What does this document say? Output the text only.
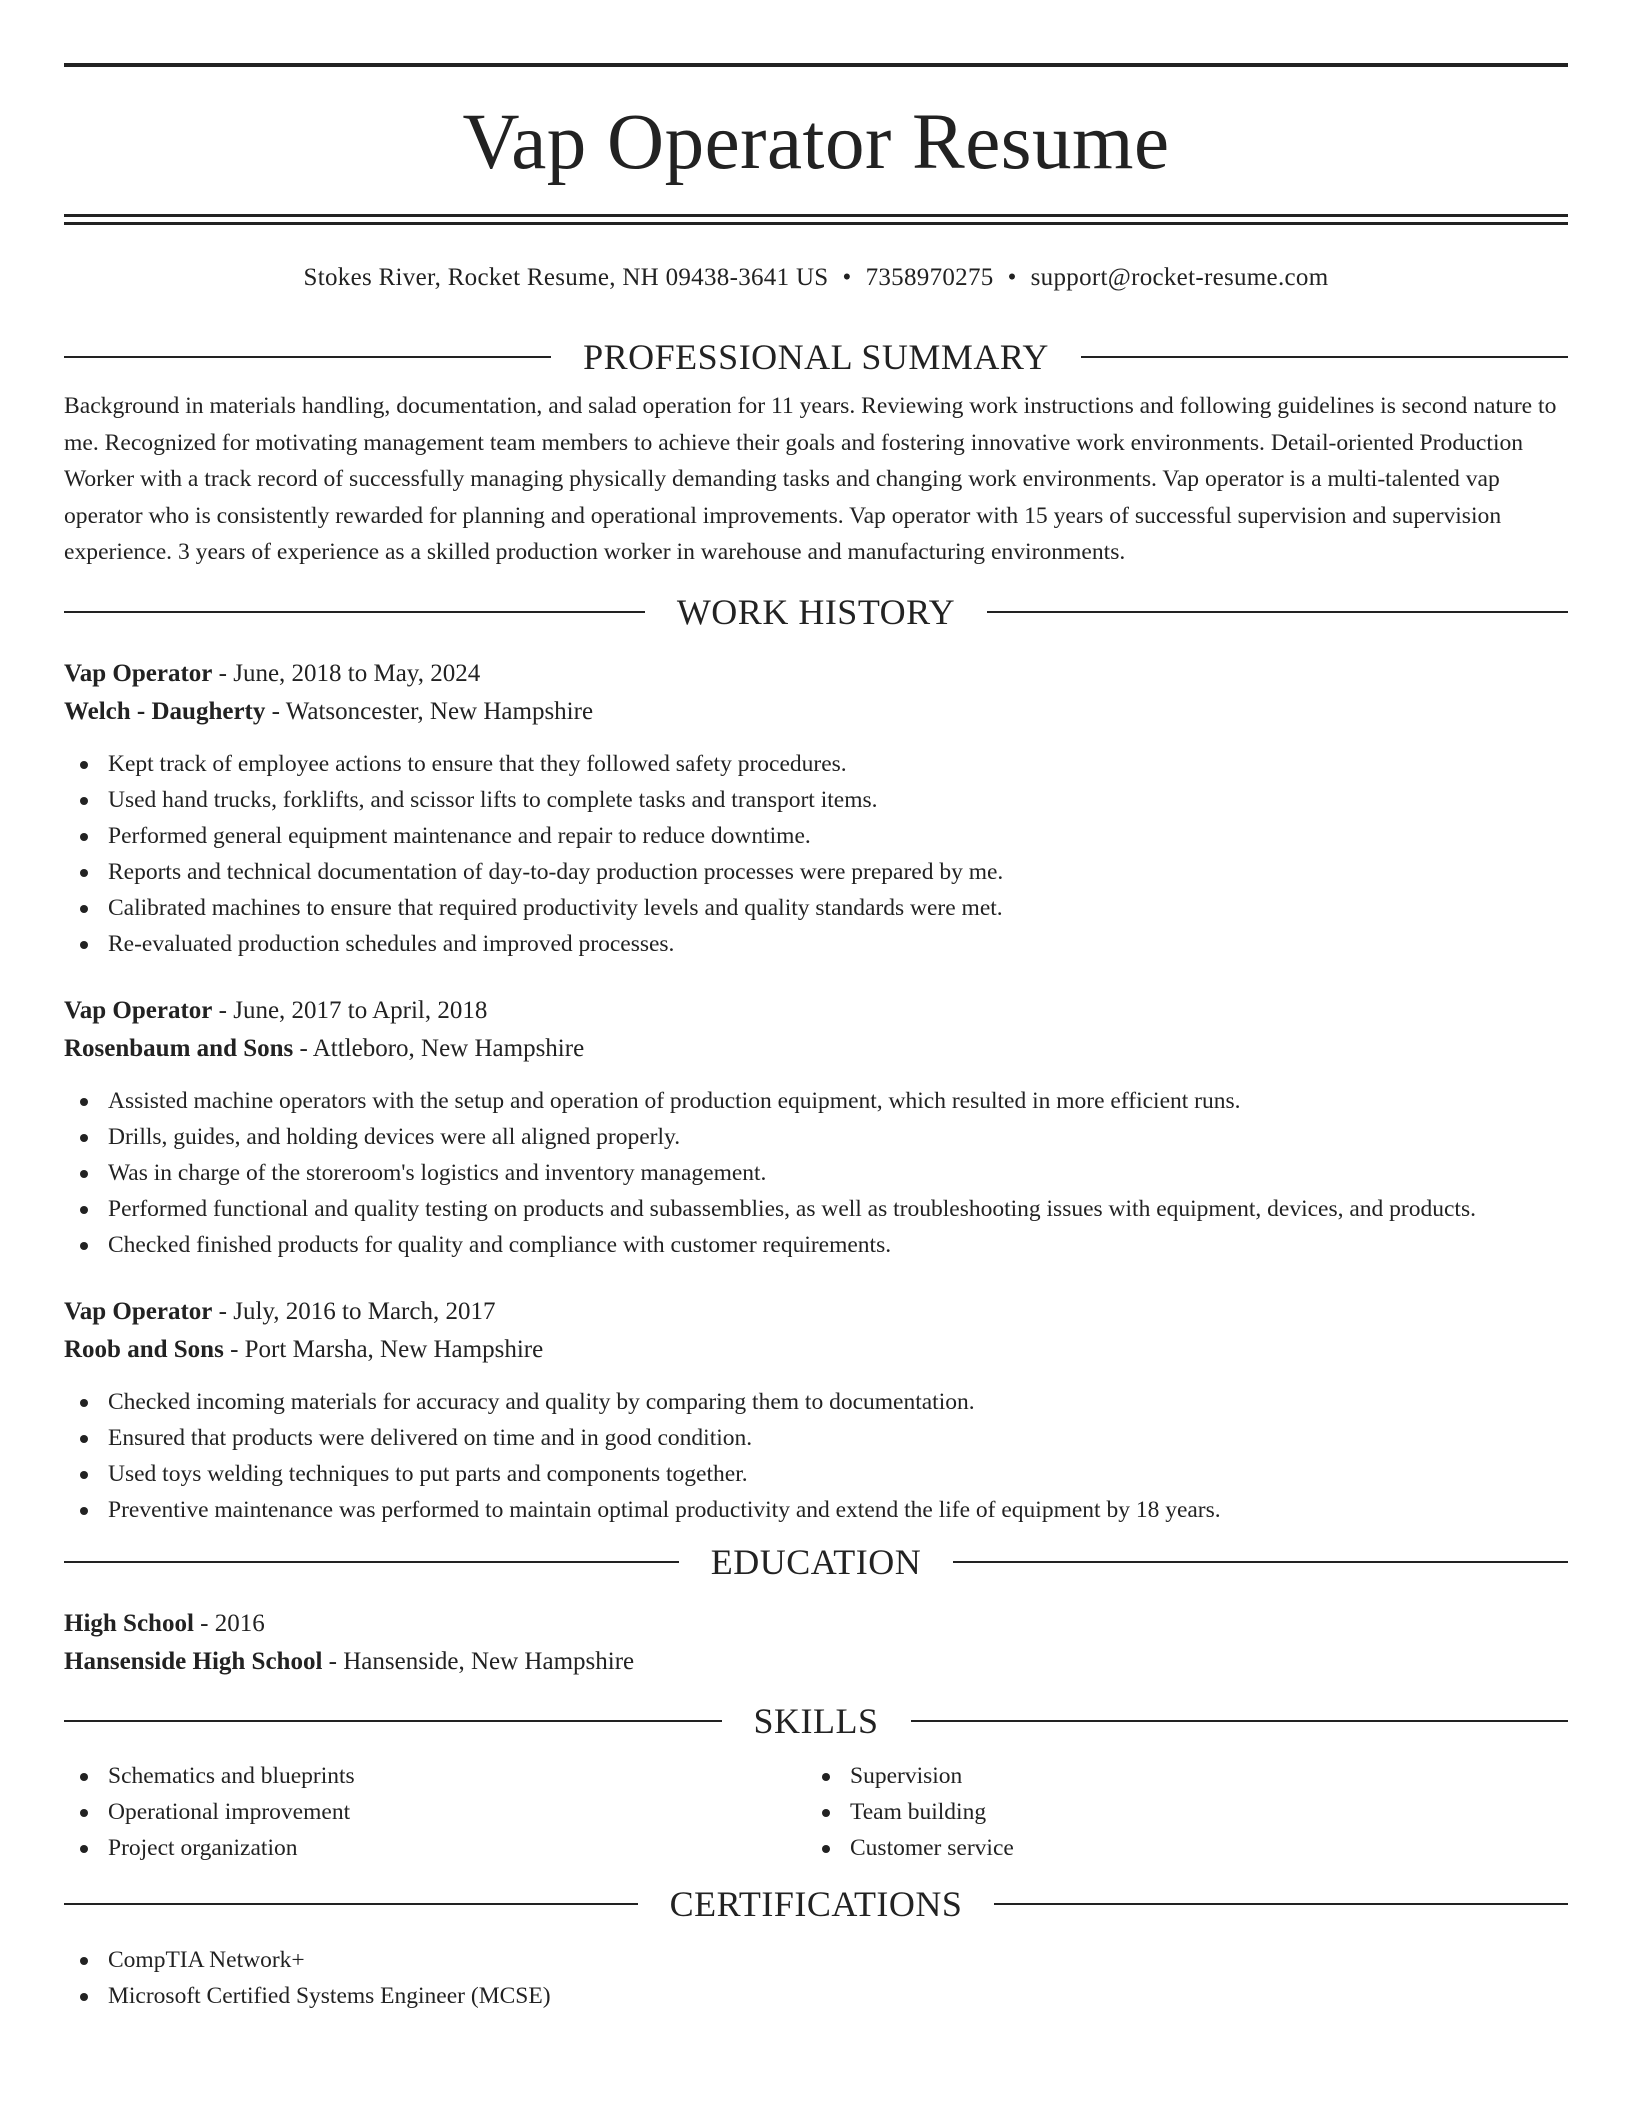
Vap Operator Resume
Stokes River, Rocket Resume, NH 09438-3641 US • 7358970275 • support@rocket-resume.com
PROFESSIONAL SUMMARY

Background in materials handling, documentation, and salad operation for 11 years. Reviewing work instructions and following guidelines is second nature to me. Recognized for motivating management team members to achieve their goals and fostering innovative work environments. Detail-oriented Production Worker with a track record of successfully managing physically demanding tasks and changing work environments. Vap operator is a multi-talented vap operator who is consistently rewarded for planning and operational improvements. Vap operator with 15 years of successful supervision and supervision experience. 3 years of experience as a skilled production worker in warehouse and manufacturing environments.

WORK HISTORY
Vap Operator - June, 2018 to May, 2024
Welch - Daugherty - Watsoncester, New Hampshire
Kept track of employee actions to ensure that they followed safety procedures.
Used hand trucks, forklifts, and scissor lifts to complete tasks and transport items.
Performed general equipment maintenance and repair to reduce downtime.
Reports and technical documentation of day-to-day production processes were prepared by me.
Calibrated machines to ensure that required productivity levels and quality standards were met.
Re-evaluated production schedules and improved processes.
Vap Operator - June, 2017 to April, 2018
Rosenbaum and Sons - Attleboro, New Hampshire
Assisted machine operators with the setup and operation of production equipment, which resulted in more efficient runs.
Drills, guides, and holding devices were all aligned properly.
Was in charge of the storeroom's logistics and inventory management.
Performed functional and quality testing on products and subassemblies, as well as troubleshooting issues with equipment, devices, and products.
Checked finished products for quality and compliance with customer requirements.
Vap Operator - July, 2016 to March, 2017
Roob and Sons - Port Marsha, New Hampshire
Checked incoming materials for accuracy and quality by comparing them to documentation.
Ensured that products were delivered on time and in good condition.
Used toys welding techniques to put parts and components together.
Preventive maintenance was performed to maintain optimal productivity and extend the life of equipment by 18 years.
EDUCATION
High School - 2016
Hansenside High School - Hansenside, New Hampshire
SKILLS
Schematics and blueprints
Operational improvement
Project organization
Supervision
Team building
Customer service
CERTIFICATIONS
CompTIA Network+
Microsoft Certified Systems Engineer (MCSE)
